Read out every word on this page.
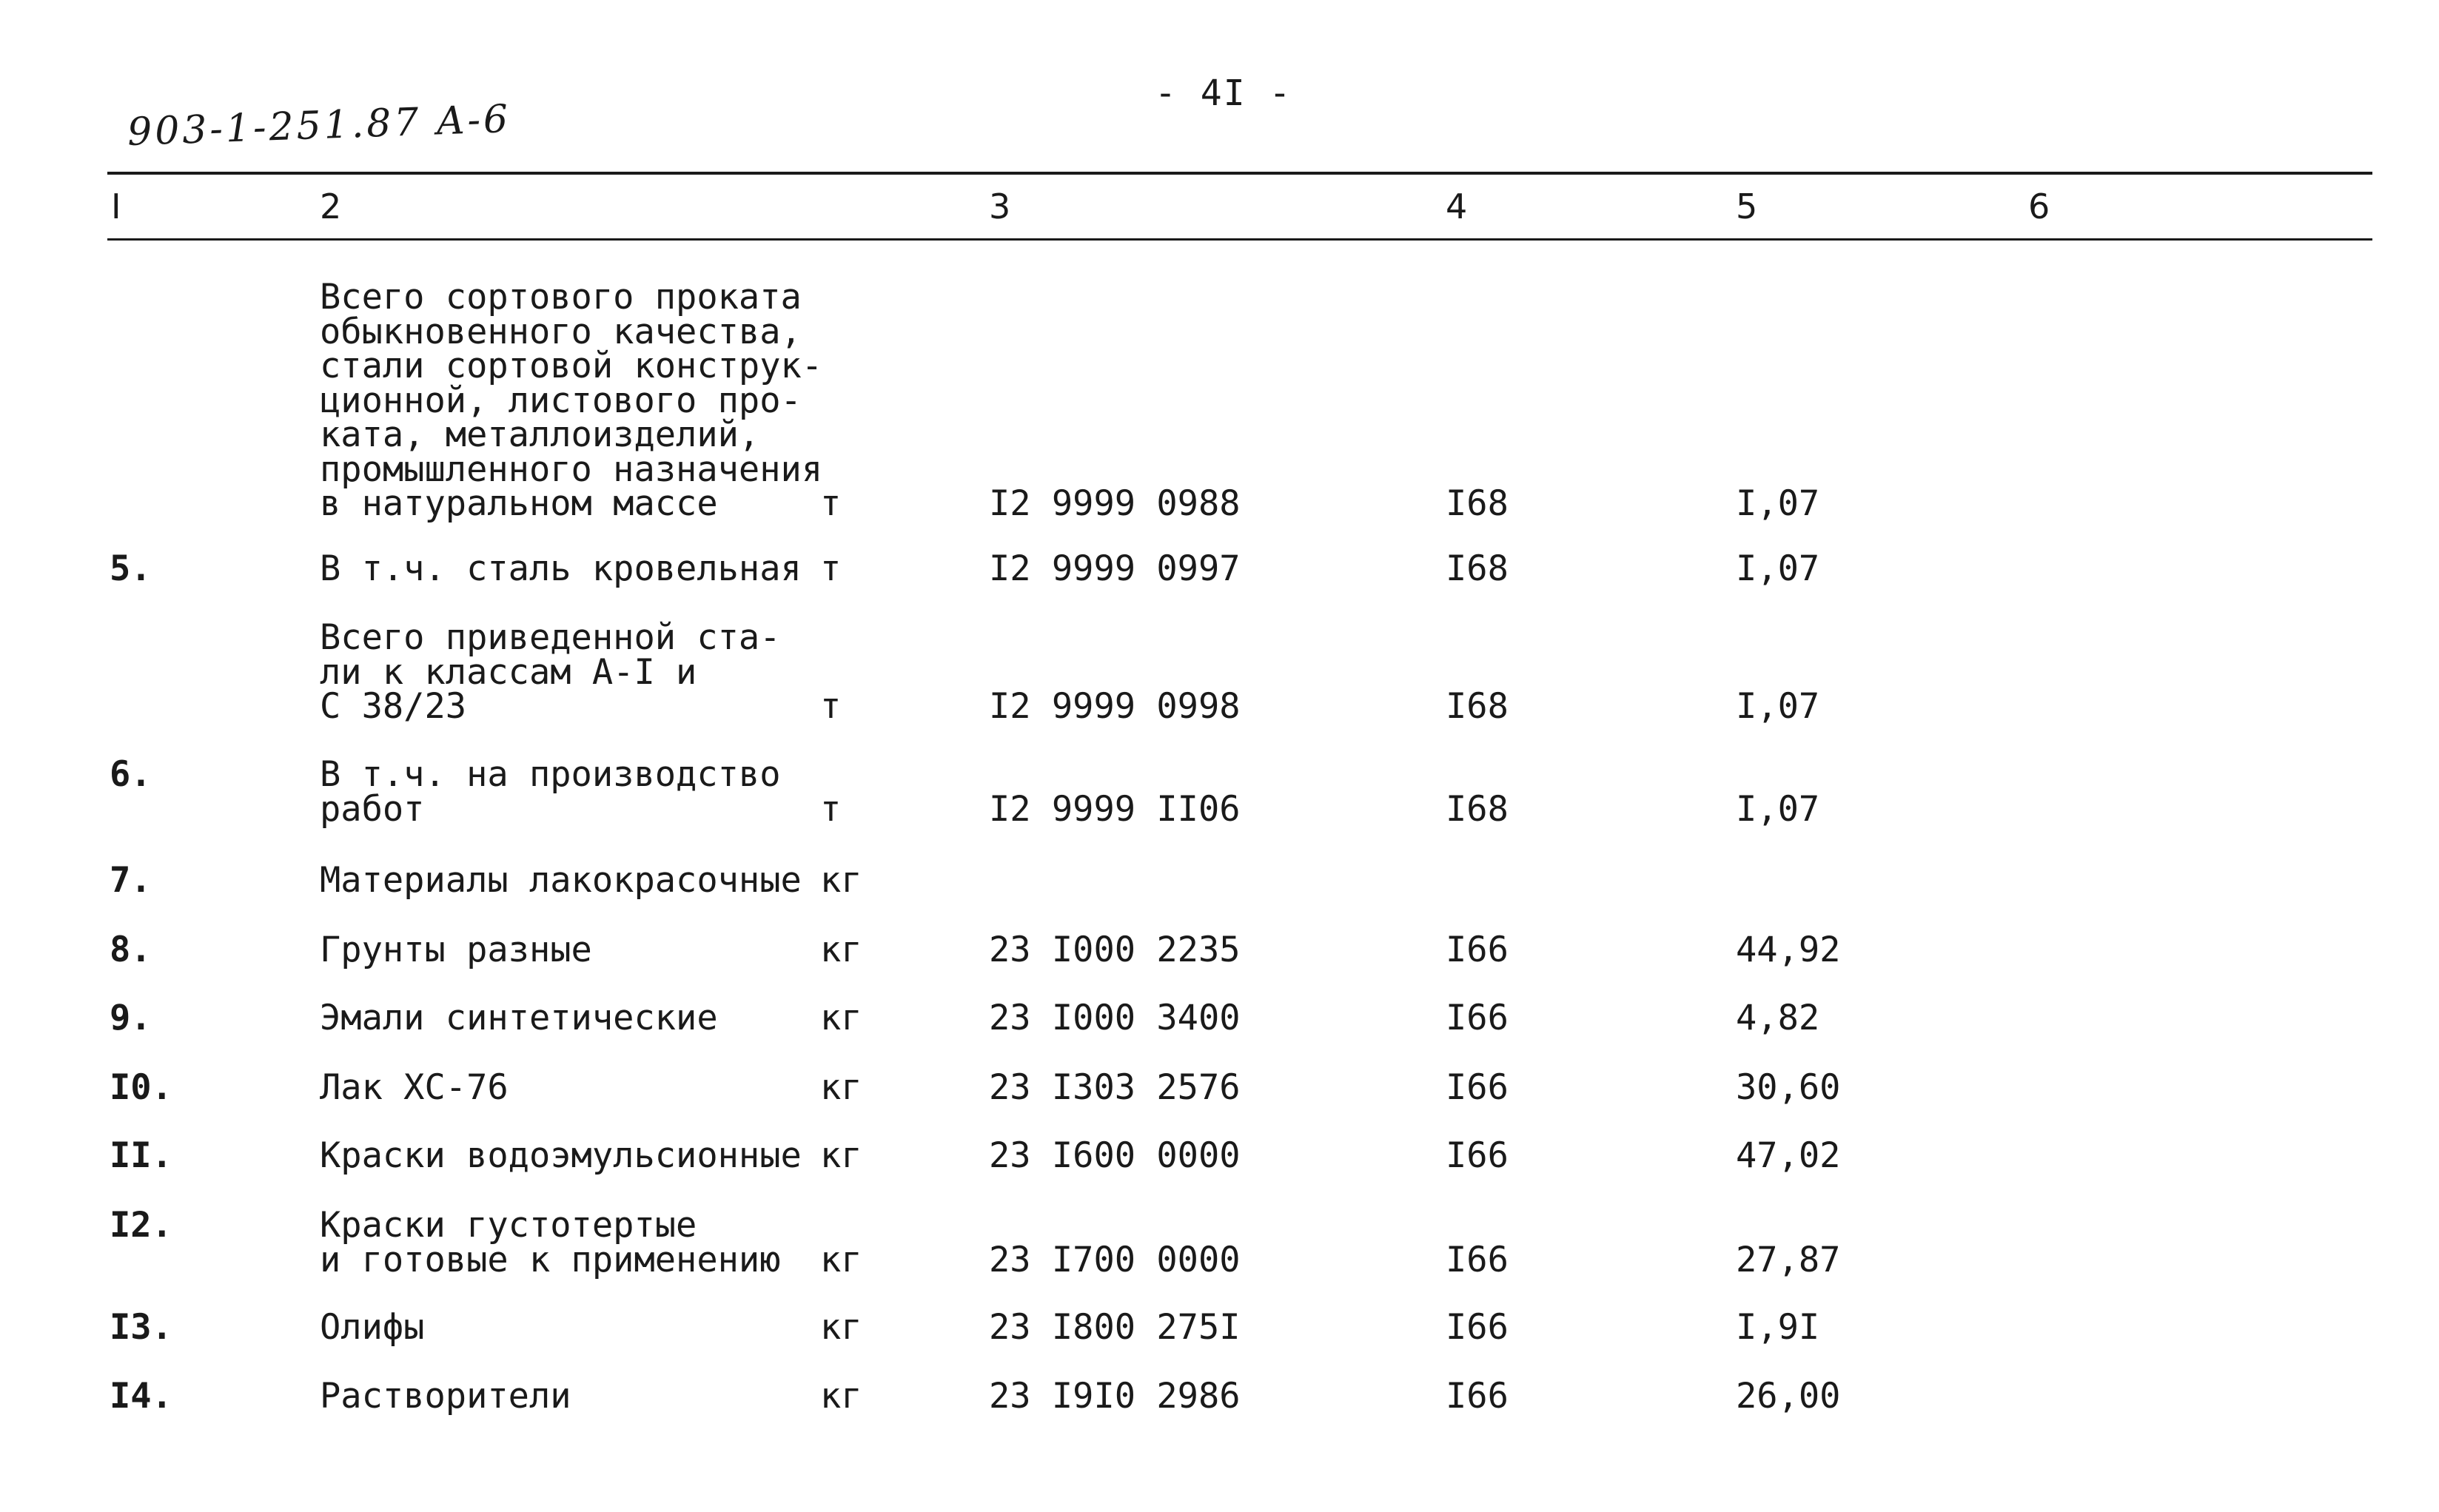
- 4I -
903-1-251.87 A-6
I	2	3	4	5	6
Всего сортового проката
обыкновенного качества,
стали сортовой конструк-
ционной, листового про-
ката, металлоизделий,
промышленного назначения
в натуральном массе	т	I2 9999 0988	I68	I,07
5.	В т.ч. сталь кровельная т	I2 9999 0997	I68	I,07
Всего приведенной ста-
ли к классам А-I и
С 38/23	т	I2 9999 0998	I68	I,07
6.	В т.ч. на производство
работ	т	I2 9999 II06	I68	I,07
7.	Материалы лакокрасочные кг
8.	Грунты разные	кг	23 I000 2235	I66	44,92
9.	Эмали синтетические	кг	23 I000 3400	I66	4,82
I0.	Лак ХС-76	кг	23 I303 2576	I66	30,60
II.	Краски водоэмульсионные кг	23 I600 0000	I66	47,02
I2.	Краски густотертые
и готовые к применению кг	23 I700 0000	I66	27,87
I3.	Олифы	кг	23 I800 275I	I66	I,9I
I4.	Растворители	кг	23 I9I0 2986	I66	26,00
